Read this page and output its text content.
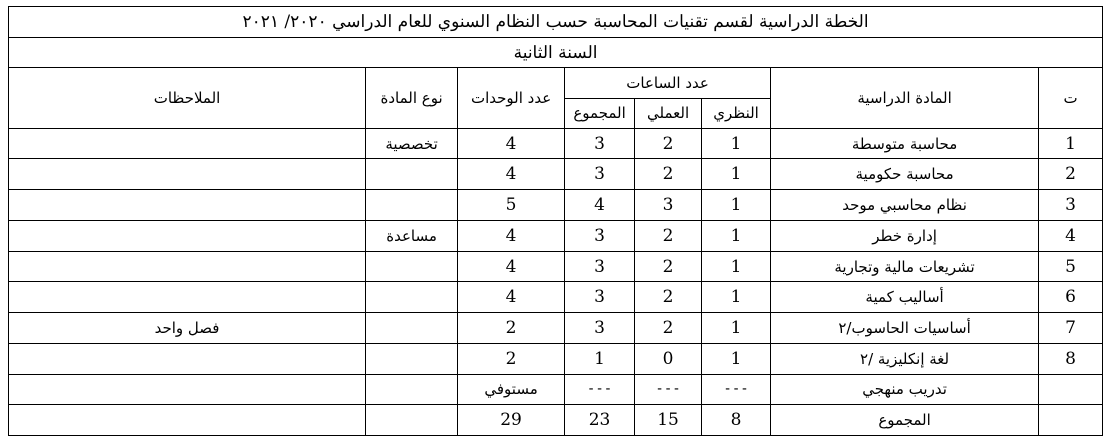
الخطة الدراسية لقسم تقنيات المحاسبة حسب النظام السنوي للعام الدراسي ٢٠٢٠/ ٢٠٢١							
السنة الثانية							
ت	المادة الدراسية	عدد الساعات			عدد الوحدات	نوع المادة	الملاحظات
		النظري	العملي	المجموع			
1	محاسبة متوسطة	1	2	3	4	تخصصية	
2	محاسبة حكومية	1	2	3	4		
3	نظام محاسبي موحد	1	3	4	5		
4	إدارة خطر	1	2	3	4	مساعدة	
5	تشريعات مالية وتجارية	1	2	3	4		
6	أساليب كمية	1	2	3	4		
7	أساسيات الحاسوب/٢	1	2	3	2		فصل واحد
8	لغة إنكليزية /٢	1	0	1	2		
	تدريب منهجي	---	---	---	مستوفي		
	المجموع	8	15	23	29		
